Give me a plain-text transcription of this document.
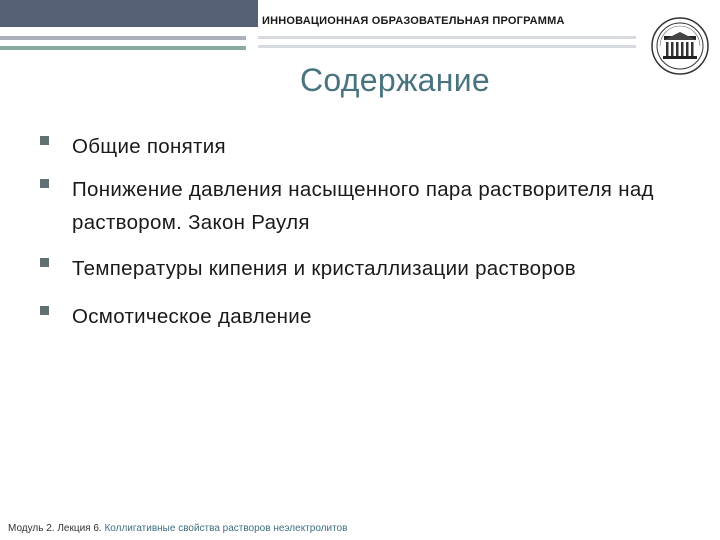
ИННОВАЦИОННАЯ ОБРАЗОВАТЕЛЬНАЯ ПРОГРАММА
Содержание
Общие понятия
Понижение давления насыщенного пара растворителя над раствором. Закон Рауля
Температуры кипения и кристаллизации растворов
Осмотическое давление
Модуль 2. Лекция 6. Коллигативные свойства растворов неэлектролитов
